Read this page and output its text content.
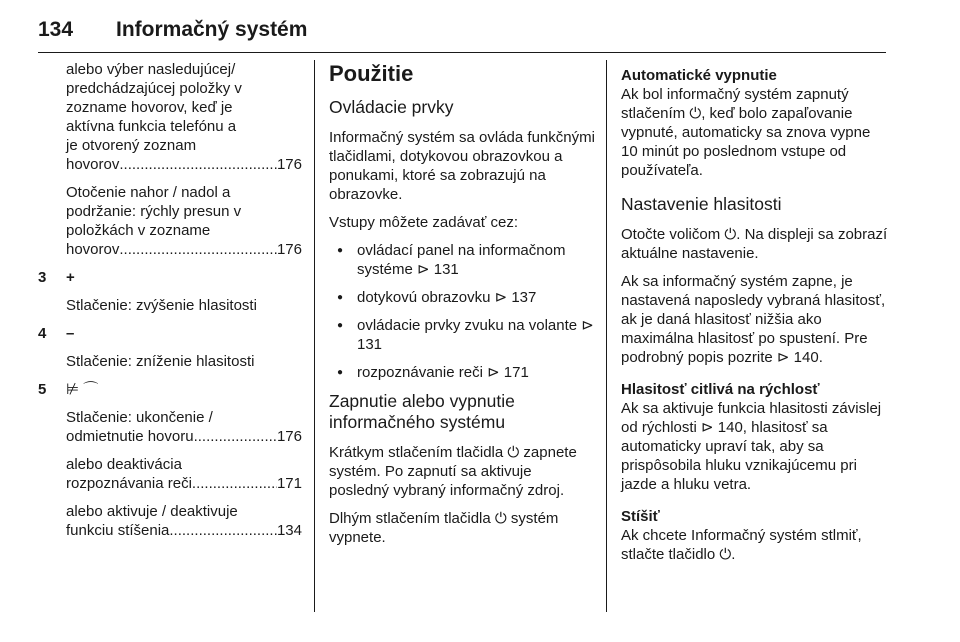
134 Informačný systém
alebo výber nasledujúcej/
predchádzajúcej položky v
zozname hovorov, keď je
aktívna funkcia telefónu a
je otvorený zoznam
hovorov .....	176
Otočenie nahor / nadol a
podržanie: rýchly presun v
položkách v zozname
hovorov .....	176
3	+

Stlačenie: zvýšenie hlasitosti

4	–

Stlačenie: zníženie hlasitosti

5	⊭ ⌒
Stlačenie: ukončenie /
odmietnutie hovoru .....	176
alebo deaktivácia
rozpoznávania reči .....	171
alebo aktivuje / deaktivuje
funkciu stíšenia .....	134
Použitie
Ovládacie prvky

Informačný systém sa ovláda funkčnými tlačidlami, dotykovou obrazovkou a ponukami, ktoré sa zobrazujú na obrazovke.

Vstupy môžete zadávať cez:

● ovládací panel na informačnom systéme ⊳ 131
● dotykovú obrazovku ⊳ 137
● ovládacie prvky zvuku na volante ⊳ 131
● rozpoznávanie reči ⊳ 171
Zapnutie alebo vypnutie informačného systému

Krátkym stlačením tlačidla ⏻ zapnete systém. Po zapnutí sa aktivuje posledný vybraný informačný zdroj.

Dlhým stlačením tlačidla ⏻ systém vypnete.

Automatické vypnutie

Ak bol informačný systém zapnutý stlačením ⏻, keď bolo zapaľovanie vypnuté, automaticky sa znova vypne 10 minút po poslednom vstupe od používateľa.

Nastavenie hlasitosti

Otočte voličom ⏻. Na displeji sa zobrazí aktuálne nastavenie.

Ak sa informačný systém zapne, je nastavená naposledy vybraná hlasitosť, ak je daná hlasitosť nižšia ako maximálna hlasitosť po spustení. Pre podrobný popis pozrite ⊳ 140.

Hlasitosť citlivá na rýchlosť

Ak sa aktivuje funkcia hlasitosti závislej od rýchlosti ⊳ 140, hlasitosť sa automaticky upraví tak, aby sa prispôsobila hluku vznikajúcemu pri jazde a hluku vetra.

Stíšiť

Ak chcete Informačný systém stlmiť, stlačte tlačidlo ⏻.
